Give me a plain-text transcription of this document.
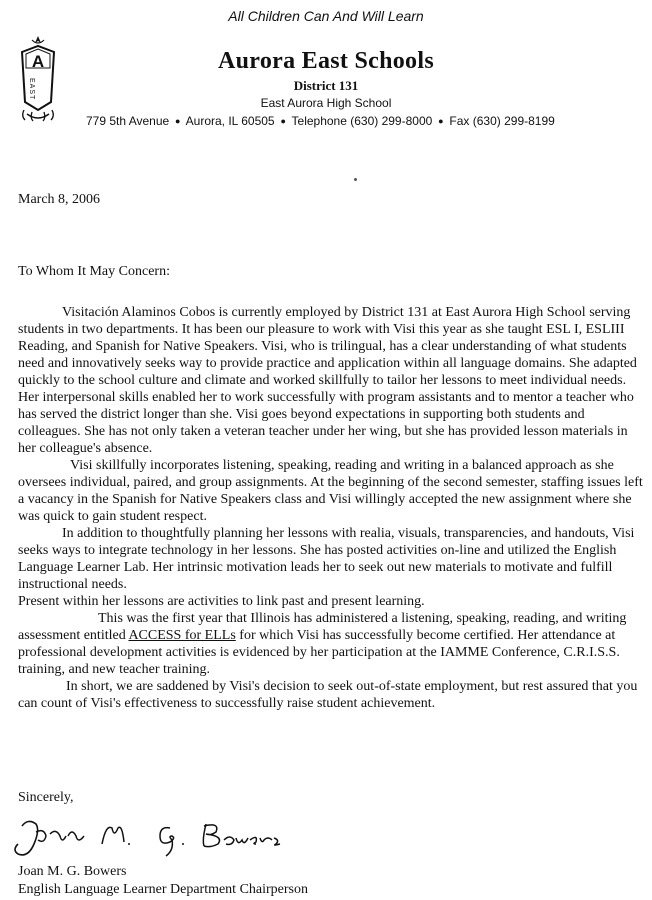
All Children Can And Will Learn
A
EAST
Aurora East Schools
District 131
East Aurora High School
779 5th Avenue  ●  Aurora, IL 60505  ●  Telephone (630) 299-8000  ●  Fax (630) 299-8199
March 8, 2006
To Whom It May Concern:

Visitación Alaminos Cobos is currently employed by District 131 at East Aurora High School serving students in two departments. It has been our pleasure to work with Visi this year as she taught ESL I, ESLIII Reading, and Spanish for Native Speakers. Visi, who is trilingual, has a clear understanding of what students need and innovatively seeks way to provide practice and application within all language domains. She adapted quickly to the school culture and climate and worked skillfully to tailor her lessons to meet individual needs. Her interpersonal skills enabled her to work successfully with program assistants and to mentor a teacher who has served the district longer than she. Visi goes beyond expectations in supporting both students and colleagues. She has not only taken a veteran teacher under her wing, but she has provided lesson materials in her colleague's absence.

Visi skillfully incorporates listening, speaking, reading and writing in a balanced approach as she oversees individual, paired, and group assignments. At the beginning of the second semester, staffing issues left a vacancy in the Spanish for Native Speakers class and Visi willingly accepted the new assignment where she was quick to gain student respect.

In addition to thoughtfully planning her lessons with realia, visuals, transparencies, and handouts, Visi seeks ways to integrate technology in her lessons. She has posted activities on-line and utilized the English Language Learner Lab. Her intrinsic motivation leads her to seek out new materials to motivate and fulfill instructional needs.

Present within her lessons are activities to link past and present learning.

This was the first year that Illinois has administered a listening, speaking, reading, and writing assessment entitled ACCESS for ELLs for which Visi has successfully become certified. Her attendance at professional development activities is evidenced by her participation at the IAMME Conference, C.R.I.S.S. training, and new teacher training.

In short, we are saddened by Visi's decision to seek out-of-state employment, but rest assured that you can count of Visi's effectiveness to successfully raise student achievement.

Sincerely,
Joan M. G. Bowers
English Language Learner Department Chairperson
